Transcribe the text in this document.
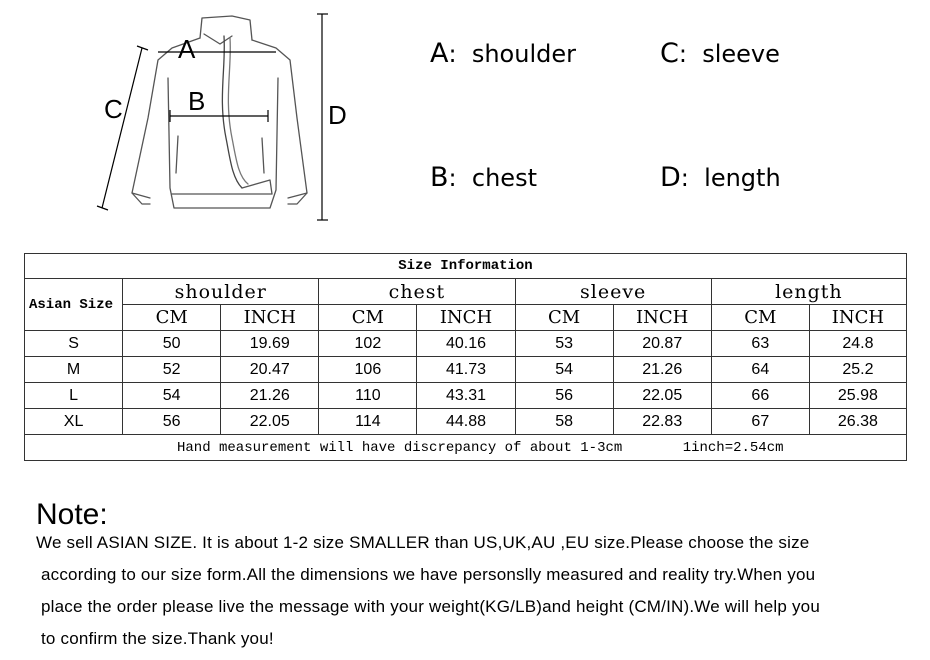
A
B
C	D
A: shoulder	C: sleeve
B: chest	D: length
Size Information								
Asian Size	shoulder		chest		sleeve		length	
	CM	INCH	CM	INCH	CM	INCH	CM	INCH
S	50	19.69	102	40.16	53	20.87	63	24.8
M	52	20.47	106	41.73	54	21.26	64	25.2
L	54	21.26	110	43.31	56	22.05	66	25.98
XL	56	22.05	114	44.88	58	22.83	67	26.38
Hand measurement will have discrepancy of about 1-3cm 1inch=2.54cm								
Note:
We sell ASIAN SIZE. It is about 1-2 size SMALLER than US,UK,AU ,EU size.Please choose the size
according to our size form.All the dimensions we have personslly measured and reality try.When you
place the order please live the message with your weight(KG/LB)and height (CM/IN).We will help you
to confirm the size.Thank you!
